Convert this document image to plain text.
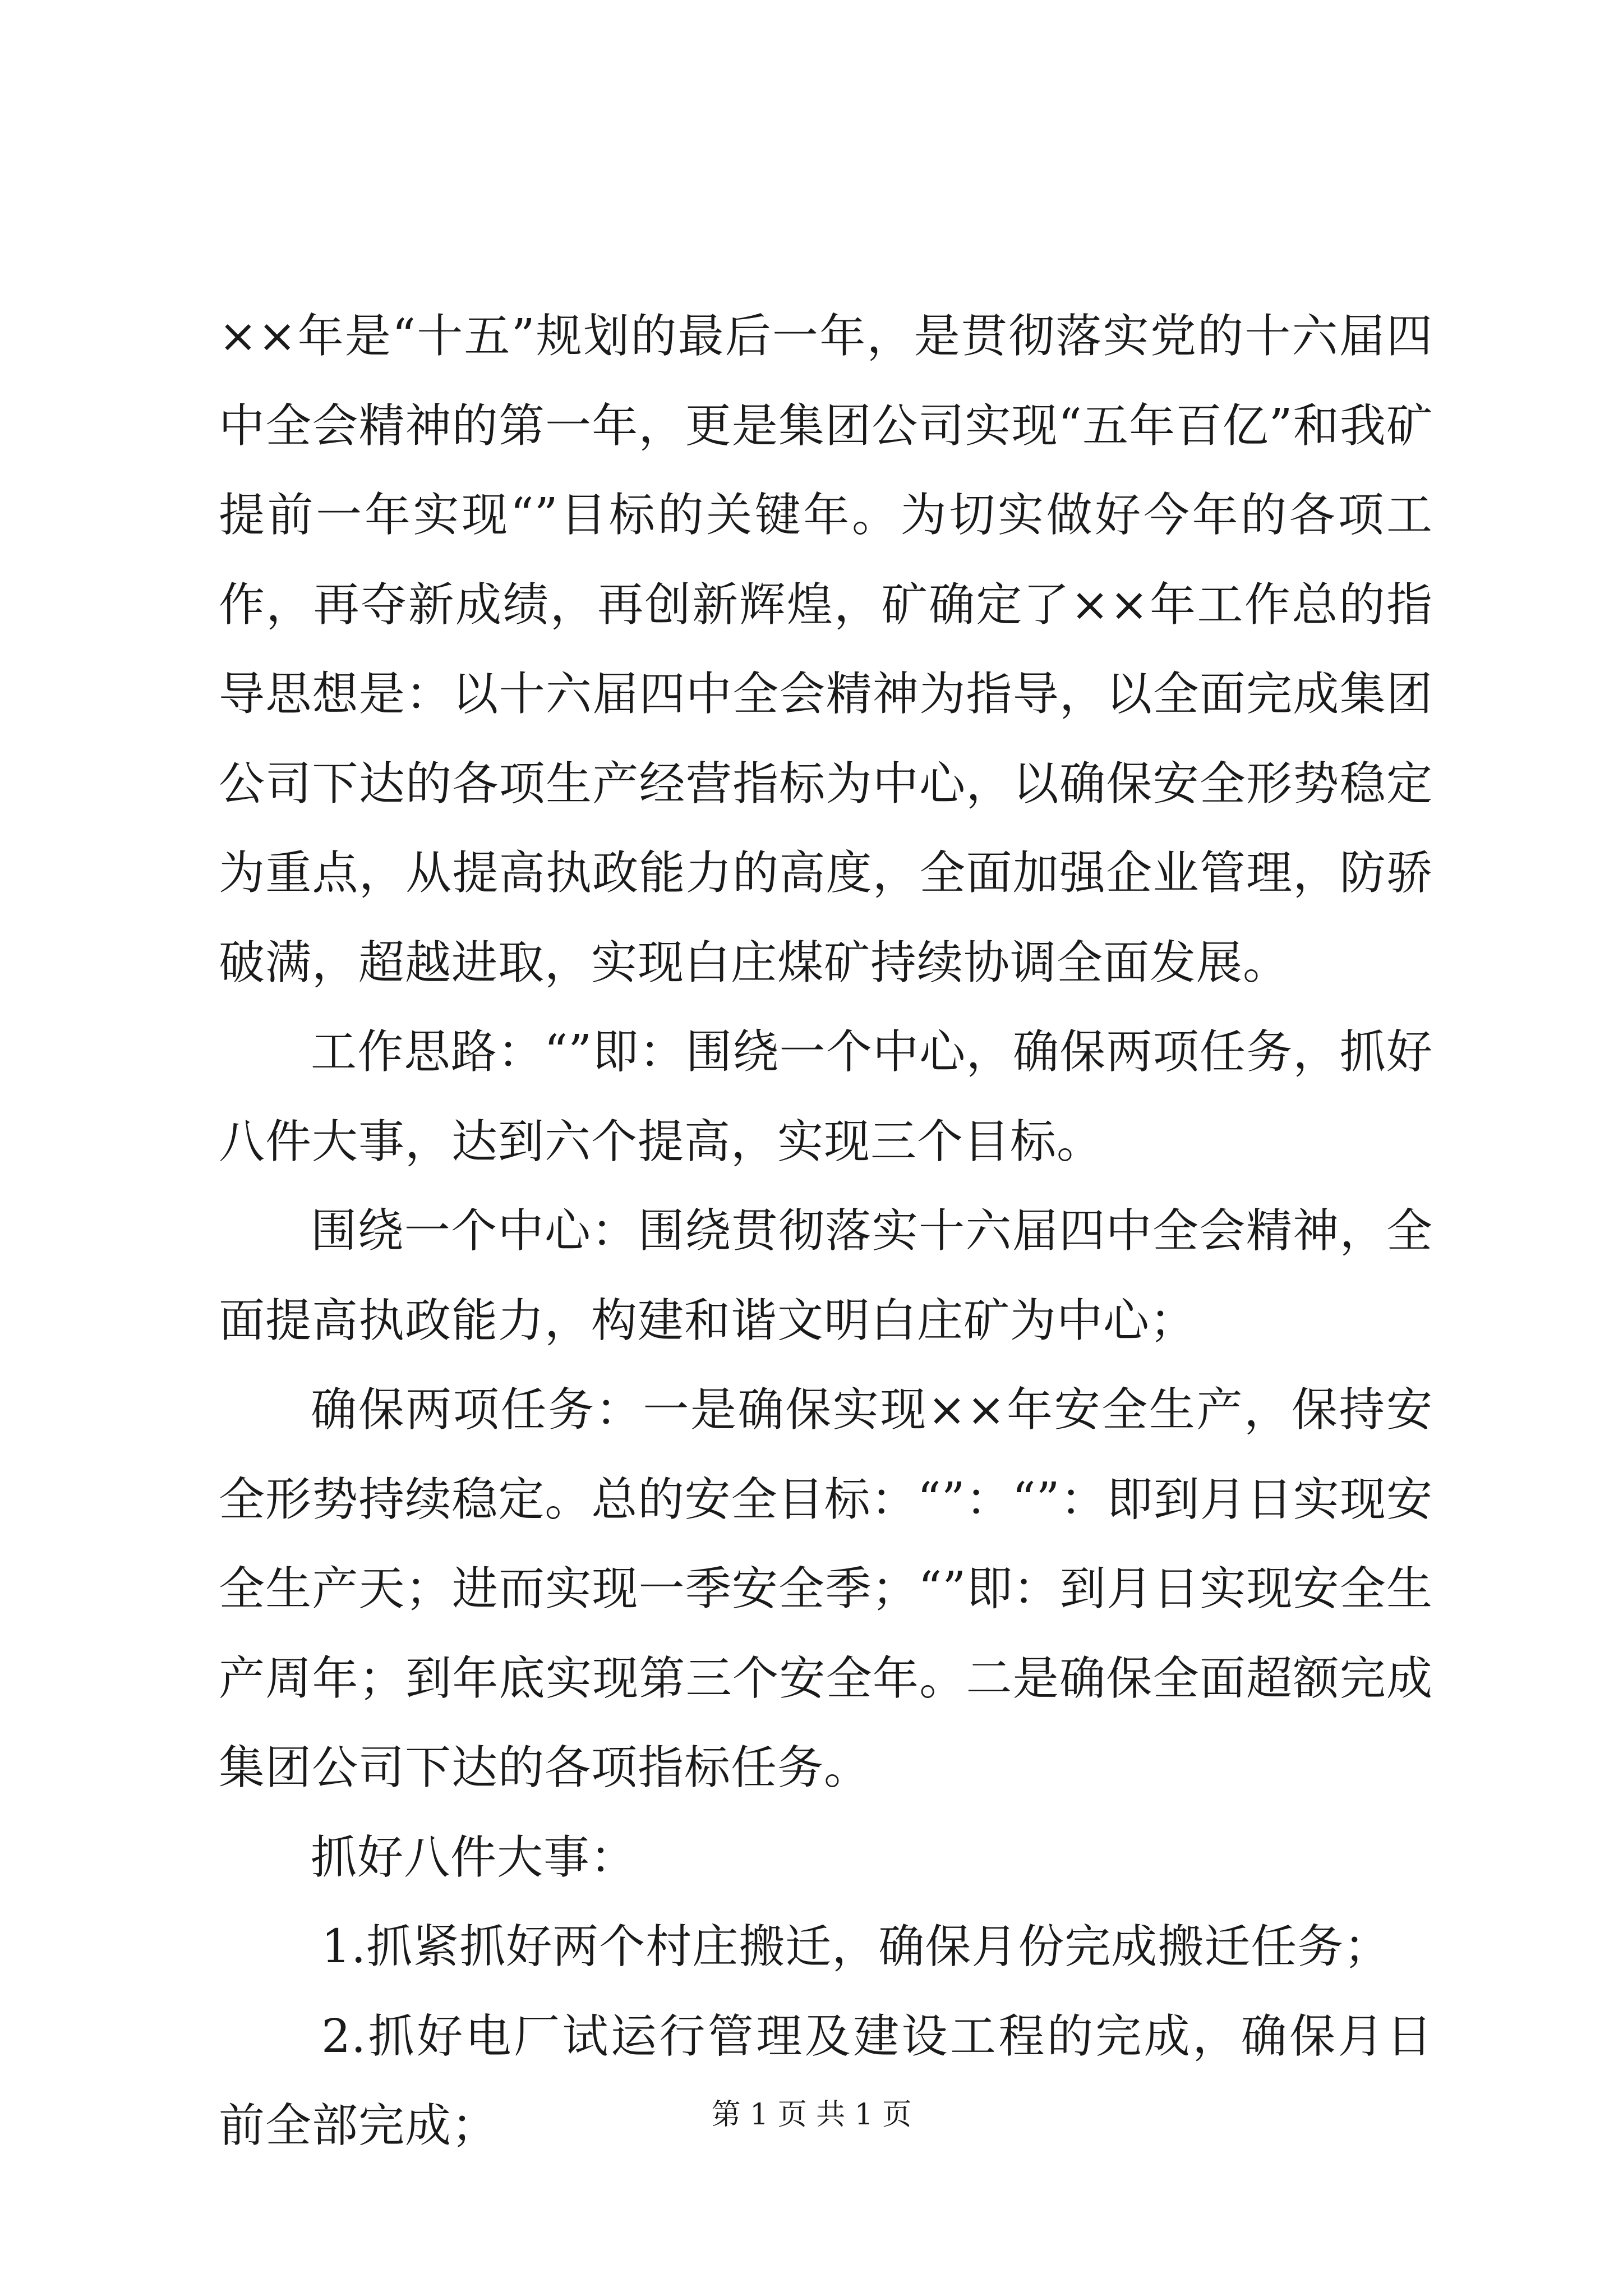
××年是“十五”规划的最后一年，是贯彻落实党的十六届四中全会精神的第一年，更是集团公司实现“五年百亿”和我矿提前一年实现“”目标的关键年。为切实做好今年的各项工作，再夺新成绩，再创新辉煌，矿确定了××年工作总的指导思想是：以十六届四中全会精神为指导，以全面完成集团公司下达的各项生产经营指标为中心，以确保安全形势稳定为重点，从提高执政能力的高度，全面加强企业管理，防骄破满，超越进取，实现白庄煤矿持续协调全面发展。

工作思路：“”即：围绕一个中心，确保两项任务，抓好八件大事，达到六个提高，实现三个目标。

围绕一个中心：围绕贯彻落实十六届四中全会精神，全面提高执政能力，构建和谐文明白庄矿为中心；

确保两项任务：一是确保实现××年安全生产，保持安全形势持续稳定。总的安全目标：“”：“”：即到月日实现安全生产天；进而实现一季安全季；“”即：到月日实现安全生产周年；到年底实现第三个安全年。二是确保全面超额完成集团公司下达的各项指标任务。

抓好八件大事：

1.抓紧抓好两个村庄搬迁，确保月份完成搬迁任务；

2.抓好电厂试运行管理及建设工程的完成，确保月日前全部完成；	第 1 页 共 1 页
